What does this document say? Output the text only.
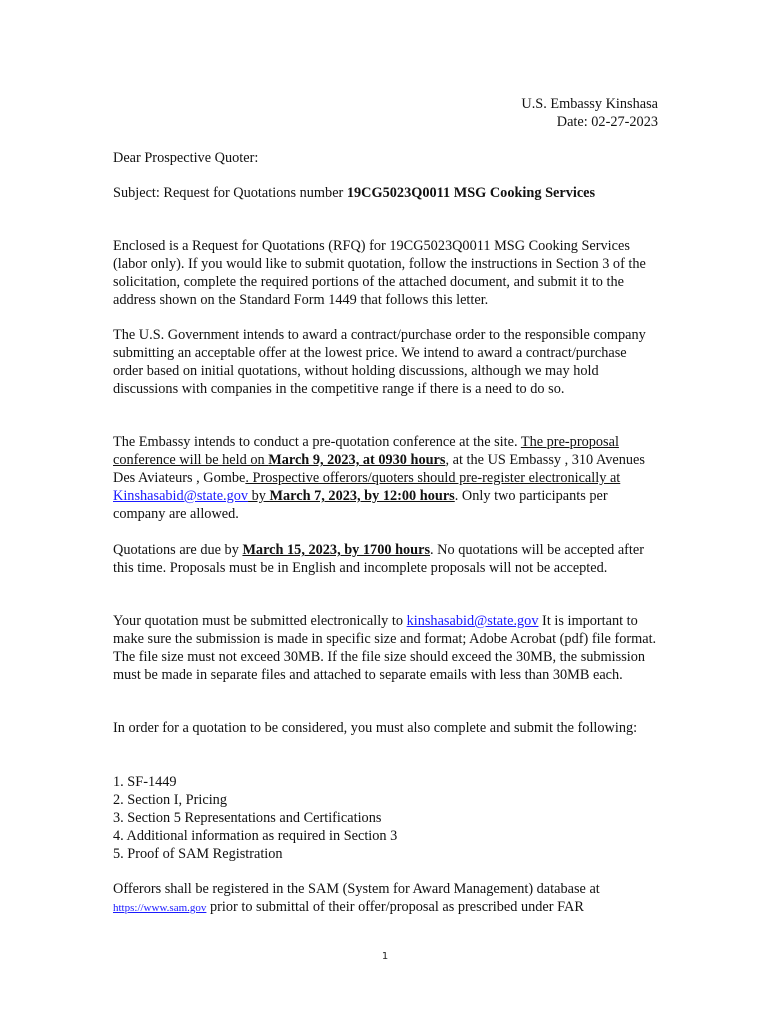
U.S. Embassy Kinshasa
Date: 02-27-2023

Dear Prospective Quoter:

Subject: Request for Quotations number 19CG5023Q0011 MSG Cooking Services

Enclosed is a Request for Quotations (RFQ) for 19CG5023Q0011 MSG Cooking Services (labor only). If you would like to submit quotation, follow the instructions in Section 3 of the solicitation, complete the required portions of the attached document, and submit it to the address shown on the Standard Form 1449 that follows this letter.

The U.S. Government intends to award a contract/purchase order to the responsible company submitting an acceptable offer at the lowest price. We intend to award a contract/purchase order based on initial quotations, without holding discussions, although we may hold discussions with companies in the competitive range if there is a need to do so.

The Embassy intends to conduct a pre-quotation conference at the site. The pre-proposal conference will be held on March 9, 2023, at 0930 hours, at the US Embassy , 310 Avenues Des Aviateurs , Gombe. Prospective offerors/quoters should pre-register electronically at Kinshasabid@state.gov by March 7, 2023, by 12:00 hours. Only two participants per company are allowed.

Quotations are due by March 15, 2023, by 1700 hours. No quotations will be accepted after this time. Proposals must be in English and incomplete proposals will not be accepted.

Your quotation must be submitted electronically to kinshasabid@state.gov It is important to make sure the submission is made in specific size and format; Adobe Acrobat (pdf) file format. The file size must not exceed 30MB. If the file size should exceed the 30MB, the submission must be made in separate files and attached to separate emails with less than 30MB each.

In order for a quotation to be considered, you must also complete and submit the following:

1. SF-1449
2. Section I, Pricing
3. Section 5 Representations and Certifications
4. Additional information as required in Section 3
5. Proof of SAM Registration

Offerors shall be registered in the SAM (System for Award Management) database at https://www.sam.gov prior to submittal of their offer/proposal as prescribed under FAR

1
